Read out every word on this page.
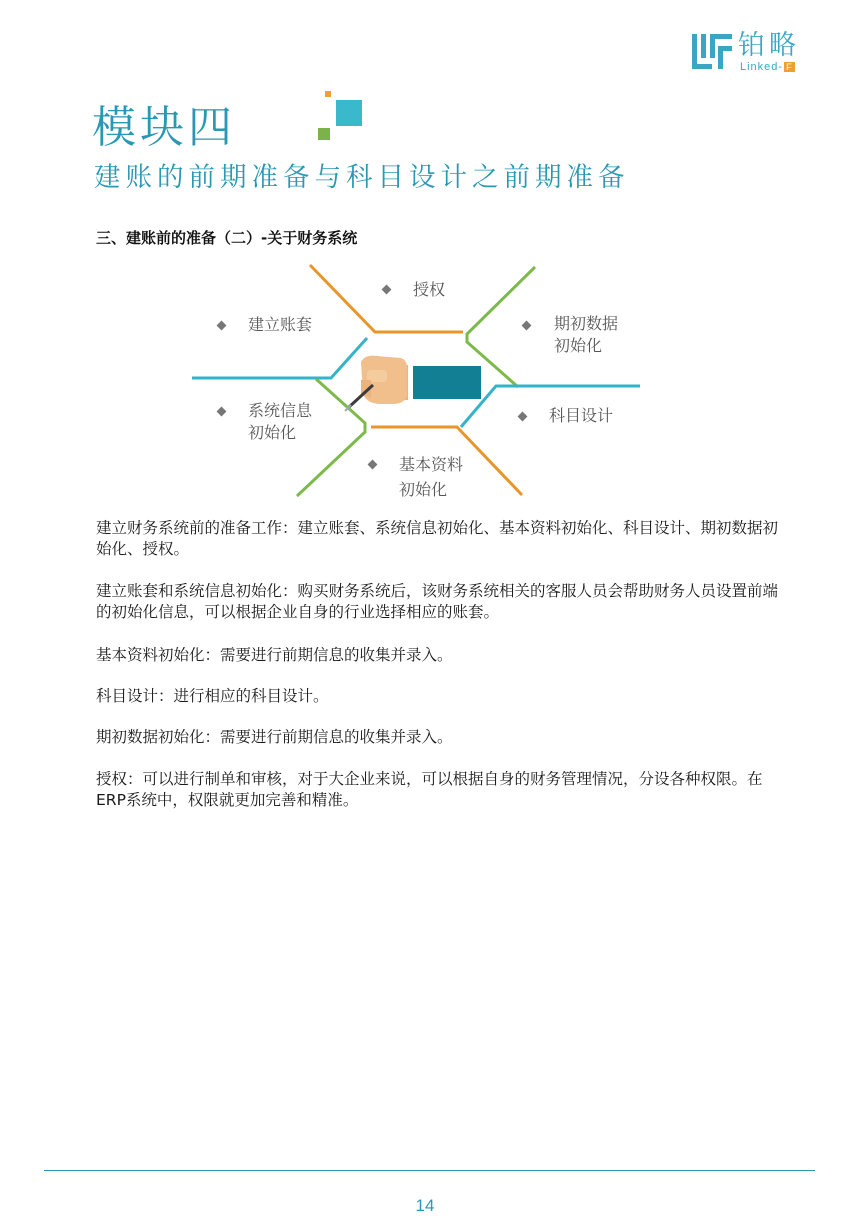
铂略
Linked- F
模块四
建账的前期准备与科目设计之前期准备
三、建账前的准备（二）-关于财务系统
授权
建立账套	期初数据
初始化
系统信息
初始化
科目设计
基本资料
初始化
建立财务系统前的准备工作：建立账套、系统信息初始化、基本资料初始化、科目设计、期初数据初始化、授权。
建立账套和系统信息初始化：购买财务系统后，该财务系统相关的客服人员会帮助财务人员设置前端的初始化信息，可以根据企业自身的行业选择相应的账套。
基本资料初始化：需要进行前期信息的收集并录入。
科目设计：进行相应的科目设计。
期初数据初始化：需要进行前期信息的收集并录入。
授权：可以进行制单和审核，对于大企业来说，可以根据自身的财务管理情况，分设各种权限。在ERP系统中，权限就更加完善和精准。
14
